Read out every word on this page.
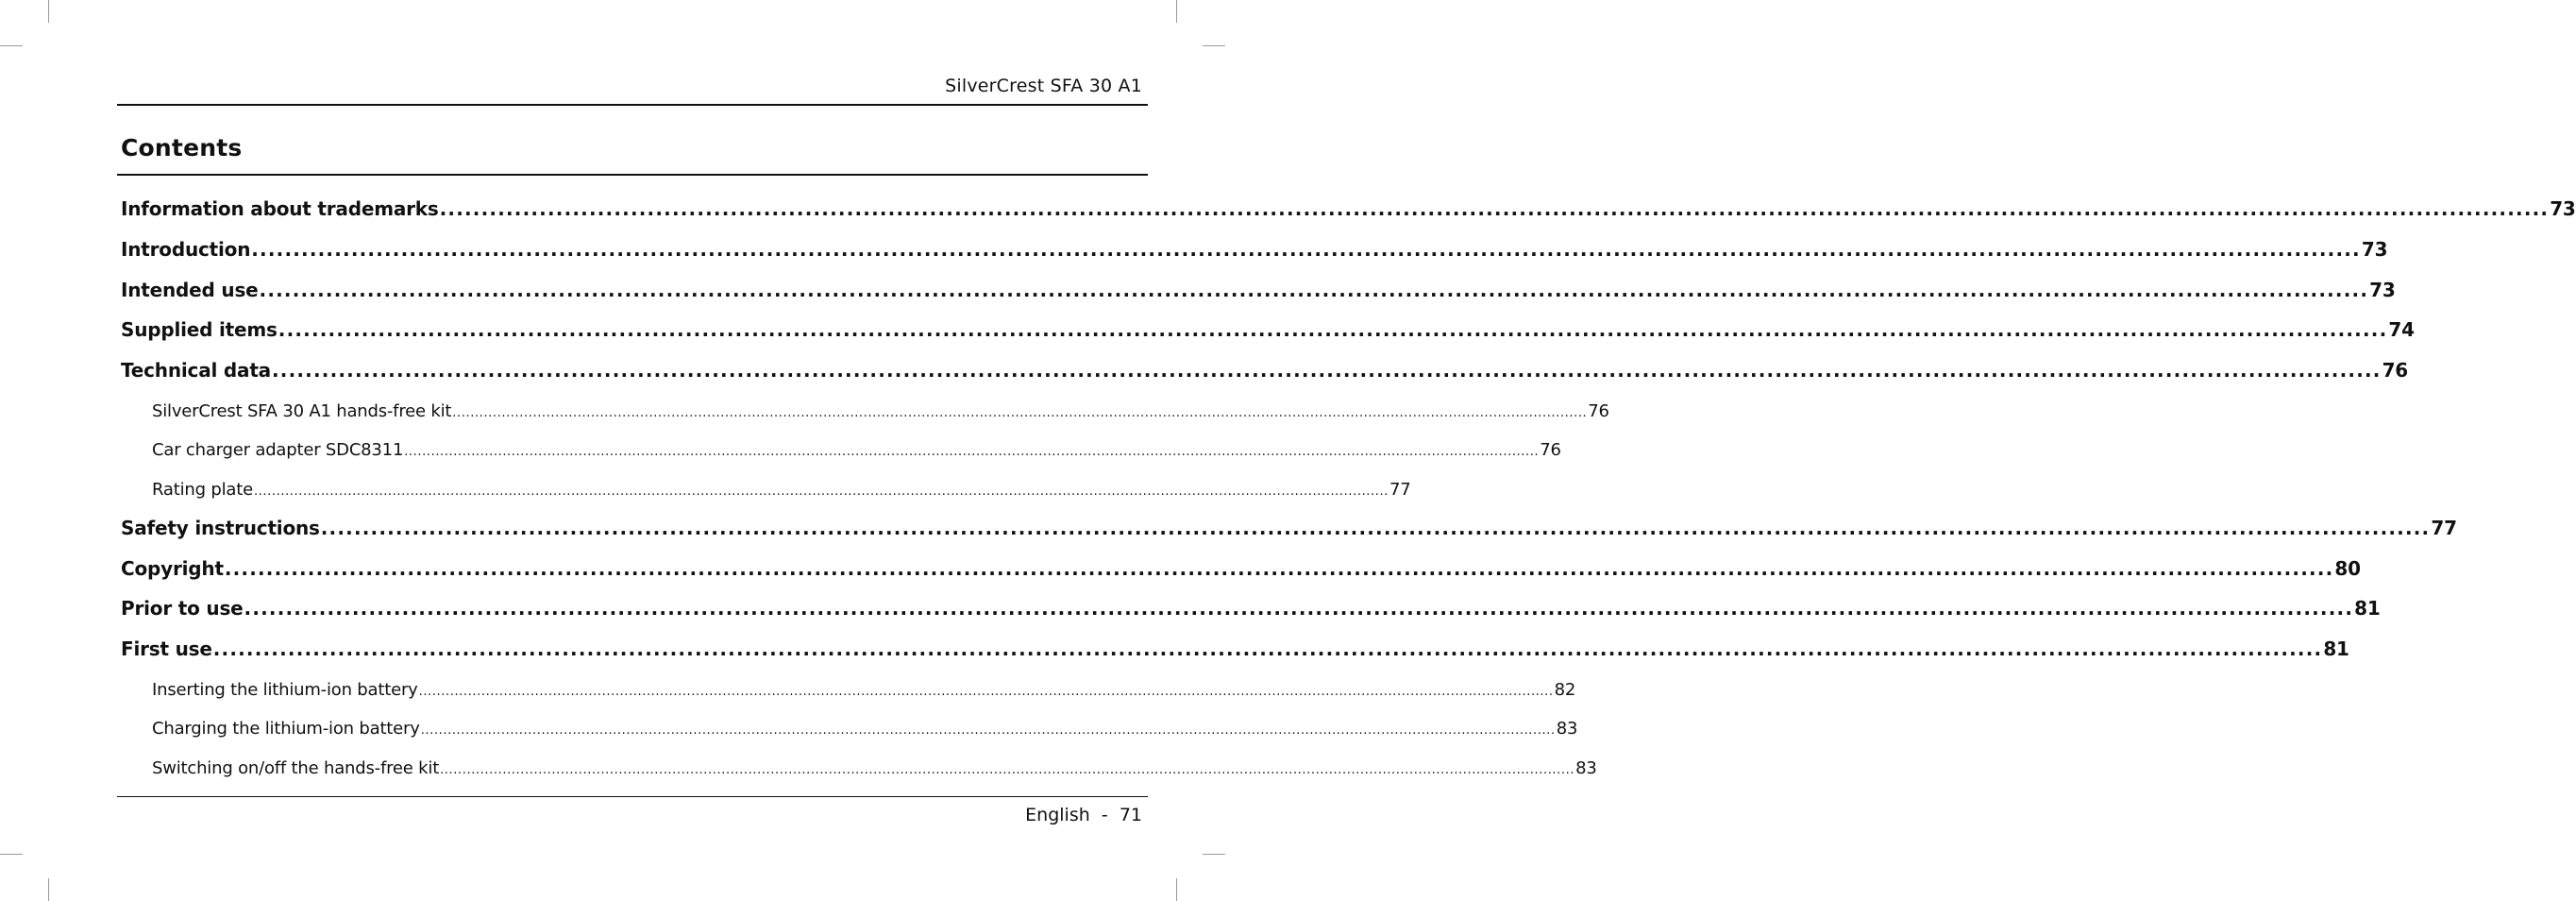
SilverCrest SFA 30 A1
Contents
Information about trademarks .............................................................................................................................................................................................................................................................. 73
Introduction .............................................................................................................................................................................................................................................................. 73
Intended use .............................................................................................................................................................................................................................................................. 73
Supplied items .............................................................................................................................................................................................................................................................. 74
Technical data .............................................................................................................................................................................................................................................................. 76
SilverCrest SFA 30 A1 hands-free kit .............................................................................................................................................................................................................................................................. 76
Car charger adapter SDC8311 .............................................................................................................................................................................................................................................................. 76
Rating plate .............................................................................................................................................................................................................................................................. 77
Safety instructions .............................................................................................................................................................................................................................................................. 77
Copyright .............................................................................................................................................................................................................................................................. 80
Prior to use .............................................................................................................................................................................................................................................................. 81
First use .............................................................................................................................................................................................................................................................. 81
Inserting the lithium-ion battery .............................................................................................................................................................................................................................................................. 82
Charging the lithium-ion battery .............................................................................................................................................................................................................................................................. 83
Switching on/off the hands-free kit .............................................................................................................................................................................................................................................................. 83
English - 71
